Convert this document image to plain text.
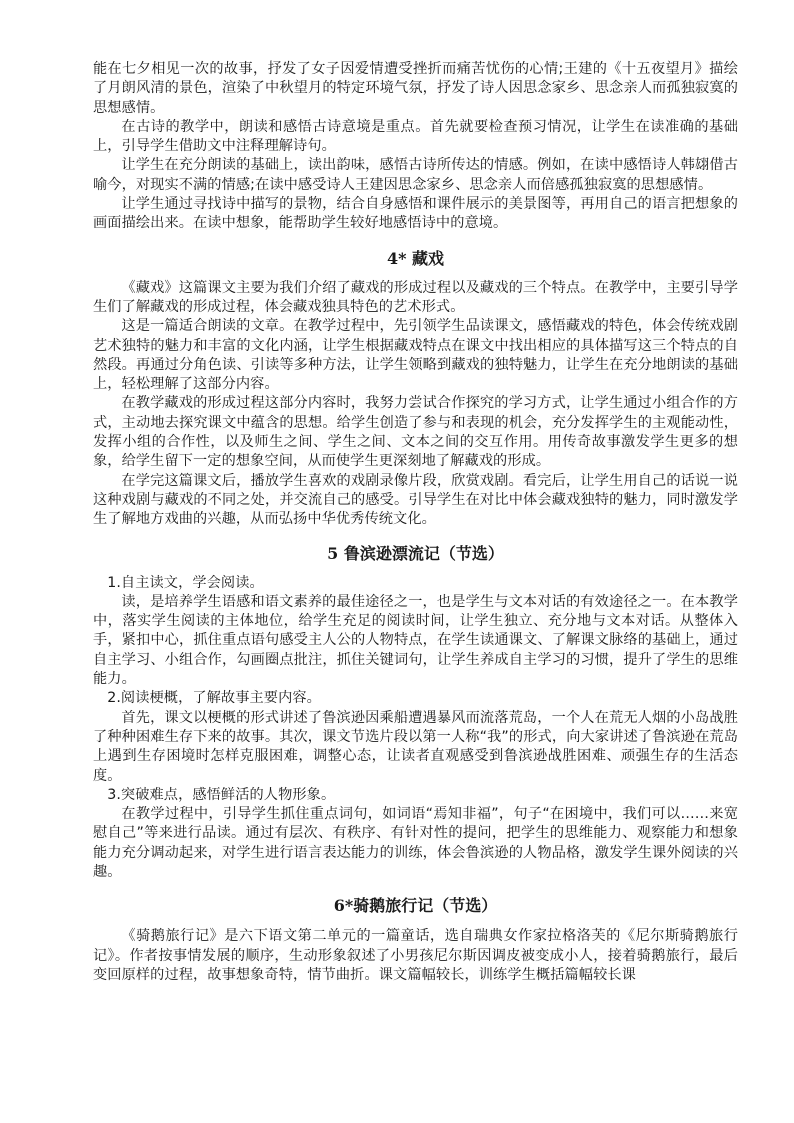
能在七夕相见一次的故事，抒发了女子因爱情遭受挫折而痛苦忧伤的心情;王建的《十五夜望月》描绘了月朗风清的景色，渲染了中秋望月的特定环境气氛，抒发了诗人因思念家乡、思念亲人而孤独寂寞的思想感情。

在古诗的教学中，朗读和感悟古诗意境是重点。首先就要检查预习情况，让学生在读准确的基础上，引导学生借助文中注释理解诗句。

让学生在充分朗读的基础上，读出韵味，感悟古诗所传达的情感。例如，在读中感悟诗人韩翃借古喻今，对现实不满的情感;在读中感受诗人王建因思念家乡、思念亲人而倍感孤独寂寞的思想感情。

让学生通过寻找诗中描写的景物，结合自身感悟和课件展示的美景图等，再用自己的语言把想象的画面描绘出来。在读中想象，能帮助学生较好地感悟诗中的意境。

4* 藏戏

《藏戏》这篇课文主要为我们介绍了藏戏的形成过程以及藏戏的三个特点。在教学中，主要引导学生们了解藏戏的形成过程，体会藏戏独具特色的艺术形式。

这是一篇适合朗读的文章。在教学过程中，先引领学生品读课文，感悟藏戏的特色，体会传统戏剧艺术独特的魅力和丰富的文化内涵，让学生根据藏戏特点在课文中找出相应的具体描写这三个特点的自然段。再通过分角色读、引读等多种方法，让学生领略到藏戏的独特魅力，让学生在充分地朗读的基础上，轻松理解了这部分内容。

在教学藏戏的形成过程这部分内容时，我努力尝试合作探究的学习方式，让学生通过小组合作的方式，主动地去探究课文中蕴含的思想。给学生创造了参与和表现的机会，充分发挥学生的主观能动性，发挥小组的合作性，以及师生之间、学生之间、文本之间的交互作用。用传奇故事激发学生更多的想象，给学生留下一定的想象空间，从而使学生更深刻地了解藏戏的形成。

在学完这篇课文后，播放学生喜欢的戏剧录像片段，欣赏戏剧。看完后，让学生用自己的话说一说这种戏剧与藏戏的不同之处，并交流自己的感受。引导学生在对比中体会藏戏独特的魅力，同时激发学生了解地方戏曲的兴趣，从而弘扬中华优秀传统文化。

5 鲁滨逊漂流记（节选）

1.自主读文，学会阅读。

读，是培养学生语感和语文素养的最佳途径之一，也是学生与文本对话的有效途径之一。在本教学中，落实学生阅读的主体地位，给学生充足的阅读时间，让学生独立、充分地与文本对话。从整体入手，紧扣中心，抓住重点语句感受主人公的人物特点，在学生读通课文、了解课文脉络的基础上，通过自主学习、小组合作，勾画圈点批注，抓住关键词句，让学生养成自主学习的习惯，提升了学生的思维能力。

2.阅读梗概，了解故事主要内容。

首先，课文以梗概的形式讲述了鲁滨逊因乘船遭遇暴风而流落荒岛，一个人在荒无人烟的小岛战胜了种种困难生存下来的故事。其次，课文节选片段以第一人称“我”的形式，向大家讲述了鲁滨逊在荒岛上遇到生存困境时怎样克服困难，调整心态，让读者直观感受到鲁滨逊战胜困难、顽强生存的生活态度。

3.突破难点，感悟鲜活的人物形象。

在教学过程中，引导学生抓住重点词句，如词语“焉知非福”，句子“在困境中，我们可以……来宽慰自己”等来进行品读。通过有层次、有秩序、有针对性的提问，把学生的思维能力、观察能力和想象能力充分调动起来，对学生进行语言表达能力的训练，体会鲁滨逊的人物品格，激发学生课外阅读的兴趣。

6*骑鹅旅行记（节选）

《骑鹅旅行记》是六下语文第二单元的一篇童话，选自瑞典女作家拉格洛芙的《尼尔斯骑鹅旅行记》。作者按事情发展的顺序，生动形象叙述了小男孩尼尔斯因调皮被变成小人，接着骑鹅旅行，最后变回原样的过程，故事想象奇特，情节曲折。课文篇幅较长，训练学生概括篇幅较长课
